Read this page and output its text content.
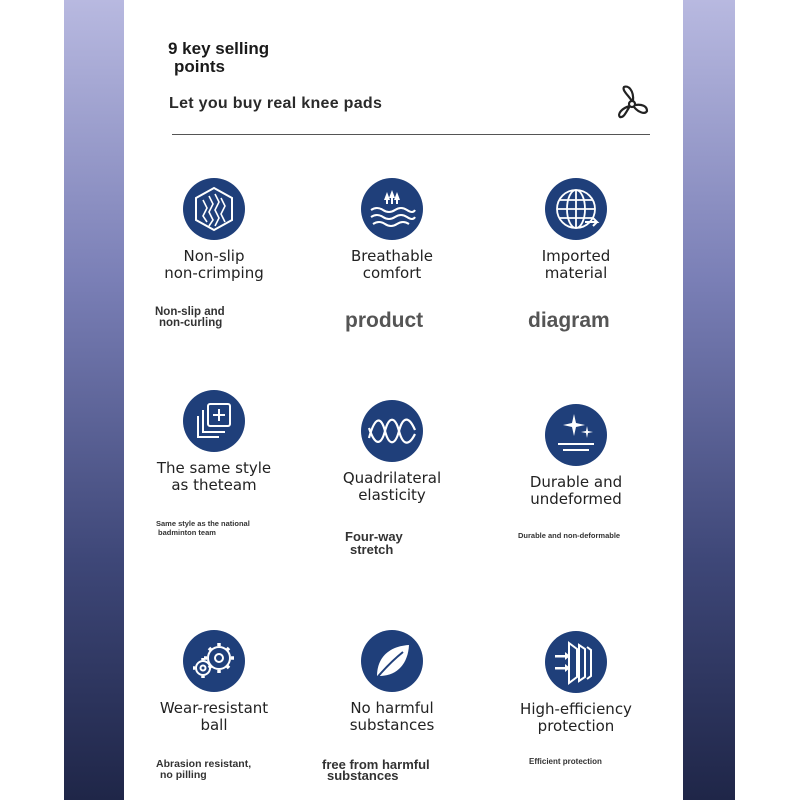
9 key selling
points
Let you buy real knee pads
Non-slip
non-crimping
Breathable
comfort
Imported
material
Non-slip and
non-curling	product	diagram
The same style
as theteam	Quadrilateral
elasticity
Durable and
undeformed
Same style as the national
badminton team	Four-way
stretch
Durable and non-deformable
Wear-resistant
ball
No harmful
substances
High-efficiency
protection
Abrasion resistant,
no pilling
free from harmful
substances
Efficient protection
